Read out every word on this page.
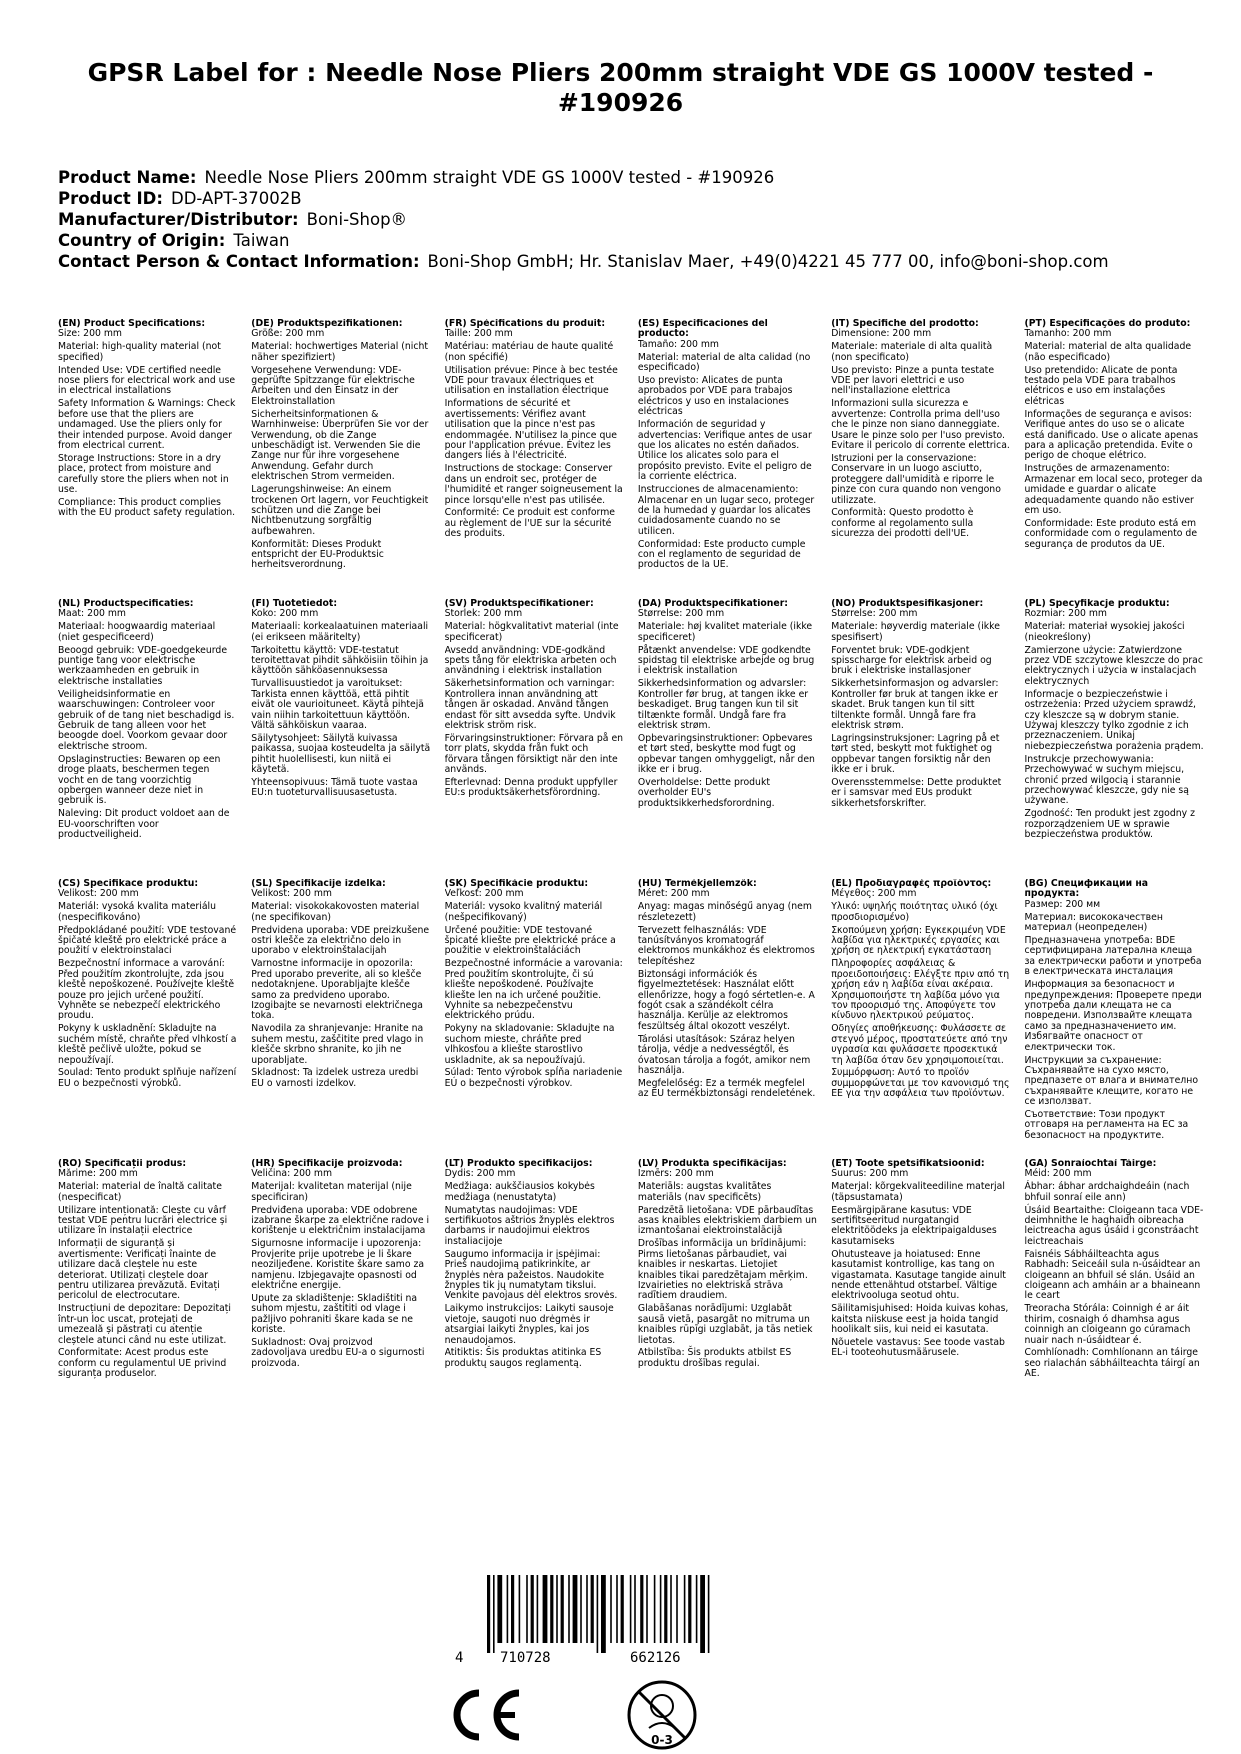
GPSR Label for : Needle Nose Pliers 200mm straight VDE GS 1000V tested - #190926
Product Name: Needle Nose Pliers 200mm straight VDE GS 1000V tested - #190926
Product ID: DD-APT-37002B
Manufacturer/Distributor: Boni-Shop®
Country of Origin: Taiwan
Contact Person & Contact Information: Boni-Shop GmbH; Hr. Stanislav Maer, +49(0)4221 45 777 00, info@boni-shop.com
(EN) Product Specifications:
Size: 200 mm

Material: high-quality material (not specified)

Intended Use: VDE certified needle nose pliers for electrical work and use in electrical installations

Safety Information & Warnings: Check before use that the pliers are undamaged. Use the pliers only for their intended purpose. Avoid danger from electrical current.

Storage Instructions: Store in a dry place, protect from moisture and carefully store the pliers when not in use.

Compliance: This product complies with the EU product safety regulation.

(DE) Produktspezifikationen:
Größe: 200 mm

Material: hochwertiges Material (nicht näher spezifiziert)

Vorgesehene Verwendung: VDE-geprüfte Spitzzange für elektrische Arbeiten und den Einsatz in der Elektroinstallation

Sicherheitsinformationen & Warnhinweise: Überprüfen Sie vor der Verwendung, ob die Zange unbeschädigt ist. Verwenden Sie die Zange nur für ihre vorgesehene Anwendung. Gefahr durch elektrischen Strom vermeiden.

Lagerungshinweise: An einem trockenen Ort lagern, vor Feuchtigkeit schützen und die Zange bei Nichtbenutzung sorgfältig aufbewahren.

Konformität: Dieses Produkt entspricht der EU-Produktsic herheitsverordnung.

(FR) Spécifications du produit:
Taille: 200 mm

Matériau: matériau de haute qualité (non spécifié)

Utilisation prévue: Pince à bec testée VDE pour travaux électriques et utilisation en installation électrique

Informations de sécurité et avertissements: Vérifiez avant utilisation que la pince n'est pas endommagée. N'utilisez la pince que pour l'application prévue. Évitez les dangers liés à l'électricité.

Instructions de stockage: Conserver dans un endroit sec, protéger de l'humidité et ranger soigneusement la pince lorsqu'elle n'est pas utilisée.

Conformité: Ce produit est conforme au règlement de l'UE sur la sécurité des produits.

(ES) Especificaciones del producto:
Tamaño: 200 mm

Material: material de alta calidad (no especificado)

Uso previsto: Alicates de punta aprobados por VDE para trabajos eléctricos y uso en instalaciones eléctricas

Información de seguridad y advertencias: Verifique antes de usar que los alicates no estén dañados. Utilice los alicates solo para el propósito previsto. Evite el peligro de la corriente eléctrica.

Instrucciones de almacenamiento: Almacenar en un lugar seco, proteger de la humedad y guardar los alicates cuidadosamente cuando no se utilicen.

Conformidad: Este producto cumple con el reglamento de seguridad de productos de la UE.

(IT) Specifiche del prodotto:
Dimensione: 200 mm

Materiale: materiale di alta qualità (non specificato)

Uso previsto: Pinze a punta testate VDE per lavori elettrici e uso nell'installazione elettrica

Informazioni sulla sicurezza e avvertenze: Controlla prima dell'uso che le pinze non siano danneggiate. Usare le pinze solo per l'uso previsto. Evitare il pericolo di corrente elettrica.

Istruzioni per la conservazione: Conservare in un luogo asciutto, proteggere dall'umidità e riporre le pinze con cura quando non vengono utilizzate.

Conformità: Questo prodotto è conforme al regolamento sulla sicurezza dei prodotti dell'UE.

(PT) Especificações do produto:
Tamanho: 200 mm

Material: material de alta qualidade (não especificado)

Uso pretendido: Alicate de ponta testado pela VDE para trabalhos elétricos e uso em instalações elétricas

Informações de segurança e avisos: Verifique antes do uso se o alicate está danificado. Use o alicate apenas para a aplicação pretendida. Evite o perigo de choque elétrico.

Instruções de armazenamento: Armazenar em local seco, proteger da umidade e guardar o alicate adequadamente quando não estiver em uso.

Conformidade: Este produto está em conformidade com o regulamento de segurança de produtos da UE.

(NL) Productspecificaties:
Maat: 200 mm

Materiaal: hoogwaardig materiaal (niet gespecificeerd)

Beoogd gebruik: VDE-goedgekeurde puntige tang voor elektrische werkzaamheden en gebruik in elektrische installaties

Veiligheidsinformatie en waarschuwingen: Controleer voor gebruik of de tang niet beschadigd is. Gebruik de tang alleen voor het beoogde doel. Voorkom gevaar door elektrische stroom.

Opslaginstructies: Bewaren op een droge plaats, beschermen tegen vocht en de tang voorzichtig opbergen wanneer deze niet in gebruik is.

Naleving: Dit product voldoet aan de EU-voorschriften voor productveiligheid.

(FI) Tuotetiedot:
Koko: 200 mm

Materiaali: korkealaatuinen materiaali (ei erikseen määritelty)

Tarkoitettu käyttö: VDE-testatut teroitettavat pihdit sähköisiin töihin ja käyttöön sähköasennuksessa

Turvallisuustiedot ja varoitukset: Tarkista ennen käyttöä, että pihtit eivät ole vaurioituneet. Käytä pihtejä vain niihin tarkoitettuun käyttöön. Vältä sähköiskun vaaraa.

Säilytysohjeet: Säilytä kuivassa paikassa, suojaa kosteudelta ja säilytä pihtit huolellisesti, kun niitä ei käytetä.

Yhteensopivuus: Tämä tuote vastaa EU:n tuoteturvallisuusasetusta.

(SV) Produktspecifikationer:
Storlek: 200 mm

Material: högkvalitativt material (inte specificerat)

Avsedd användning: VDE-godkänd spets tång för elektriska arbeten och användning i elektrisk installation

Säkerhetsinformation och varningar: Kontrollera innan användning att tången är oskadad. Använd tången endast för sitt avsedda syfte. Undvik elektrisk ström risk.

Förvaringsinstruktioner: Förvara på en torr plats, skydda från fukt och förvara tången försiktigt när den inte används.

Efterlevnad: Denna produkt uppfyller EU:s produktsäkerhetsförordning.

(DA) Produktspecifikationer:
Størrelse: 200 mm

Materiale: høj kvalitet materiale (ikke specificeret)

Påtænkt anvendelse: VDE godkendte spidstag til elektriske arbejde og brug i elektrisk installation

Sikkerhedsinformation og advarsler: Kontroller før brug, at tangen ikke er beskadiget. Brug tangen kun til sit tiltænkte formål. Undgå fare fra elektrisk strøm.

Opbevaringsinstruktioner: Opbevares et tørt sted, beskytte mod fugt og opbevar tangen omhyggeligt, når den ikke er i brug.

Overholdelse: Dette produkt overholder EU's produktsikkerhedsforordning.

(NO) Produktspesifikasjoner:
Størrelse: 200 mm

Materiale: høyverdig materiale (ikke spesifisert)

Forventet bruk: VDE-godkjent spisscharge for elektrisk arbeid og bruk i elektriske installasjoner

Sikkerhetsinformasjon og advarsler: Kontroller før bruk at tangen ikke er skadet. Bruk tangen kun til sitt tiltenkte formål. Unngå fare fra elektrisk strøm.

Lagringsinstruksjoner: Lagring på et tørt sted, beskytt mot fuktighet og oppbevar tangen forsiktig når den ikke er i bruk.

Overensstemmelse: Dette produktet er i samsvar med EUs produkt sikkerhetsforskrifter.

(PL) Specyfikacje produktu:
Rozmiar: 200 mm

Materiał: materiał wysokiej jakości (nieokreślony)

Zamierzone użycie: Zatwierdzone przez VDE szczytowe kleszcze do prac elektrycznych i użycia w instalacjach elektrycznych

Informacje o bezpieczeństwie i ostrzeżenia: Przed użyciem sprawdź, czy kleszcze są w dobrym stanie. Używaj kleszczy tylko zgodnie z ich przeznaczeniem. Unikaj niebezpieczeństwa porażenia prądem.

Instrukcje przechowywania: Przechowywać w suchym miejscu, chronić przed wilgocią i starannie przechowywać kleszcze, gdy nie są używane.

Zgodność: Ten produkt jest zgodny z rozporządzeniem UE w sprawie bezpieczeństwa produktów.

(CS) Specifikace produktu:
Velikost: 200 mm

Materiál: vysoká kvalita materiálu (nespecifikováno)

Předpokládané použití: VDE testované špičaté kleště pro elektrické práce a použití v elektroinstalaci

Bezpečnostní informace a varování: Před použitím zkontrolujte, zda jsou kleště nepoškozené. Používejte kleště pouze pro jejich určené použití. Vyhněte se nebezpečí elektrického proudu.

Pokyny k uskladnění: Skladujte na suchém místě, chraňte před vlhkostí a kleště pečlivě uložte, pokud se nepoužívají.

Soulad: Tento produkt splňuje nařízení EU o bezpečnosti výrobků.

(SL) Specifikacije izdelka:
Velikost: 200 mm

Material: visokokakovosten material (ne specifikovan)

Predvidena uporaba: VDE preizkušene ostri klešče za električno delo in uporabo v elektroinštalacijah

Varnostne informacije in opozorila: Pred uporabo preverite, ali so klešče nedotaknjene. Uporabljajte klešče samo za predvideno uporabo. Izogibajte se nevarnosti električnega toka.

Navodila za shranjevanje: Hranite na suhem mestu, zaščitite pred vlago in klešče skrbno shranite, ko jih ne uporabljate.

Skladnost: Ta izdelek ustreza uredbi EU o varnosti izdelkov.

(SK) Špecifikácie produktu:
Veľkosť: 200 mm

Materiál: vysoko kvalitný materiál (nešpecifikovaný)

Určené použitie: VDE testované špicaté kliešte pre elektrické práce a použitie v elektroinštaláciách

Bezpečnostné informácie a varovania: Pred použitím skontrolujte, či sú kliešte nepoškodené. Používajte kliešte len na ich určené použitie. Vyhnite sa nebezpečenstvu elektrického prúdu.

Pokyny na skladovanie: Skladujte na suchom mieste, chráňte pred vlhkosťou a kliešte starostlivo uskladnite, ak sa nepoužívajú.

Súlad: Tento výrobok spĺňa nariadenie EÚ o bezpečnosti výrobkov.

(HU) Termékjellemzők:
Méret: 200 mm

Anyag: magas minőségű anyag (nem részletezett)

Tervezett felhasználás: VDE tanúsítványos kromatográf elektromos munkákhoz és elektromos telepítéshez

Biztonsági információk és figyelmeztetések: Használat előtt ellenőrizze, hogy a fogó sértetlen-e. A fogót csak a szándékolt célra használja. Kerülje az elektromos feszültség által okozott veszélyt.

Tárolási utasítások: Száraz helyen tárolja, védje a nedvességtől, és óvatosan tárolja a fogót, amikor nem használja.

Megfelelőség: Ez a termék megfelel az EU termékbiztonsági rendeletének.

(EL) Προδιαγραφές προϊόντος:
Μέγεθος: 200 mm

Υλικό: υψηλής ποιότητας υλικό (όχι προσδιορισμένο)

Σκοπούμενη χρήση: Εγκεκριμένη VDE λαβίδα για ηλεκτρικές εργασίες και χρήση σε ηλεκτρική εγκατάσταση

Πληροφορίες ασφάλειας & προειδοποιήσεις: Ελέγξτε πριν από τη χρήση εάν η λαβίδα είναι ακέραια. Χρησιμοποιήστε τη λαβίδα μόνο για τον προορισμό της. Αποφύγετε τον κίνδυνο ηλεκτρικού ρεύματος.

Οδηγίες αποθήκευσης: Φυλάσσετε σε στεγνό μέρος, προστατεύετε από την υγρασία και φυλάσσετε προσεκτικά τη λαβίδα όταν δεν χρησιμοποιείται.

Συμμόρφωση: Αυτό το προϊόν συμμορφώνεται με τον κανονισμό της ΕΕ για την ασφάλεια των προϊόντων.

(BG) Спецификации на продукта:
Размер: 200 мм

Материал: висококачествен материал (неопределен)

Предназначена употреба: BDE сертифицирана латерална клеща за електрически работи и употреба в електрическата инсталация

Информация за безопасност и предупреждения: Проверете преди употреба дали клещата не са повредени. Използвайте клещата само за предназначението им. Избягвайте опасност от електрически ток.

Инструкции за съхранение: Съхранявайте на сухо място, предпазете от влага и внимателно съхранявайте клещите, когато не се използват.

Съответствие: Този продукт отговаря на регламента на ЕС за безопасност на продуктите.

(RO) Specificații produs:
Mărime: 200 mm

Material: material de înaltă calitate (nespecificat)

Utilizare intenționată: Clește cu vârf testat VDE pentru lucrări electrice și utilizare în instalații electrice

Informații de siguranță și avertismente: Verificați înainte de utilizare dacă cleștele nu este deteriorat. Utilizați cleștele doar pentru utilizarea prevăzută. Evitați pericolul de electrocutare.

Instrucțiuni de depozitare: Depozitați într-un loc uscat, protejați de umezeală și păstrați cu atenție cleștele atunci când nu este utilizat.

Conformitate: Acest produs este conform cu regulamentul UE privind siguranța produselor.

(HR) Specifikacije proizvoda:
Veličina: 200 mm

Materijal: kvalitetan materijal (nije specificiran)

Predviđena uporaba: VDE odobrene izabrane škarpe za električne radove i korištenje u električnim instalacijama

Sigurnosne informacije i upozorenja: Provjerite prije upotrebe je li škare neoziljeđene. Koristite škare samo za namjenu. Izbjegavajte opasnosti od električne energije.

Upute za skladištenje: Skladištiti na suhom mjestu, zaštititi od vlage i pažljivo pohraniti škare kada se ne koriste.

Sukladnost: Ovaj proizvod zadovoljava uredbu EU-a o sigurnosti proizvoda.

(LT) Produkto specifikacijos:
Dydis: 200 mm

Medžiaga: aukščiausios kokybės medžiaga (nenustatyta)

Numatytas naudojimas: VDE sertifikuotos aštrios žnyplės elektros darbams ir naudojimui elektros instaliacijoje

Saugumo informacija ir įspėjimai: Prieš naudojimą patikrinkite, ar žnyplės nėra pažeistos. Naudokite žnyples tik jų numatytam tikslui. Venkite pavojaus dėl elektros srovės.

Laikymo instrukcijos: Laikyti sausoje vietoje, saugoti nuo drėgmės ir atsargiai laikyti žnyples, kai jos nenaudojamos.

Atitiktis: Šis produktas atitinka ES produktų saugos reglamentą.

(LV) Produkta specifikācijas:
Izmērs: 200 mm

Materiāls: augstas kvalitātes materiāls (nav specificēts)

Paredzētā lietošana: VDE pārbaudītas asas knaibles elektriskiem darbiem un izmantošanai elektroinstalācijā

Drošības informācija un brīdinājumi: Pirms lietošanas pārbaudiet, vai knaibles ir neskartas. Lietojiet knaibles tikai paredzētajam mērķim. Izvairieties no elektriskā strāva radītiem draudiem.

Glabāšanas norādījumi: Uzglabāt sausā vietā, pasargāt no mitruma un knaibles rūpīgi uzglabāt, ja tās netiek lietotas.

Atbilstība: Šis produkts atbilst ES produktu drošības regulai.

(ET) Toote spetsifikatsioonid:
Suurus: 200 mm

Materjal: kõrgekvaliteediline materjal (täpsustamata)

Eesmärgipärane kasutus: VDE sertifitseeritud nurgatangid elektritöödeks ja elektripaigalduses kasutamiseks

Ohutusteave ja hoiatused: Enne kasutamist kontrollige, kas tang on vigastamata. Kasutage tangide ainult nende ettenähtud otstarbel. Vältige elektrivooluga seotud ohtu.

Säilitamisjuhised: Hoida kuivas kohas, kaitsta niiskuse eest ja hoida tangid hoolikalt siis, kui neid ei kasutata.

Nõuetele vastavus: See toode vastab EL-i tooteohutusmäärusele.

(GA) Sonraíochtaí Táirge:
Méid: 200 mm

Ábhar: ábhar ardchaighdeáin (nach bhfuil sonraí eile ann)

Úsáid Beartaithe: Cloigeann taca VDE-deimhnithe le haghaidh oibreacha leictreacha agus úsáid i gconstráacht leictreachais

Faisnéis Sábháilteachta agus Rabhadh: Seiceáil sula n-úsáidtear an cloigeann an bhfuil sé slán. Úsáid an cloigeann ach amháin ar a bhaineann le ceart

Treoracha Stórála: Coinnigh é ar áit thirim, cosnaigh ó dhamhsa agus coinnigh an cloigeann go cúramach nuair nach n-úsáidtear é.

Comhlíonadh: Comhlíonann an táirge seo rialachán sábháilteachta táirgí an AE.

4	710728	662126
0-3
